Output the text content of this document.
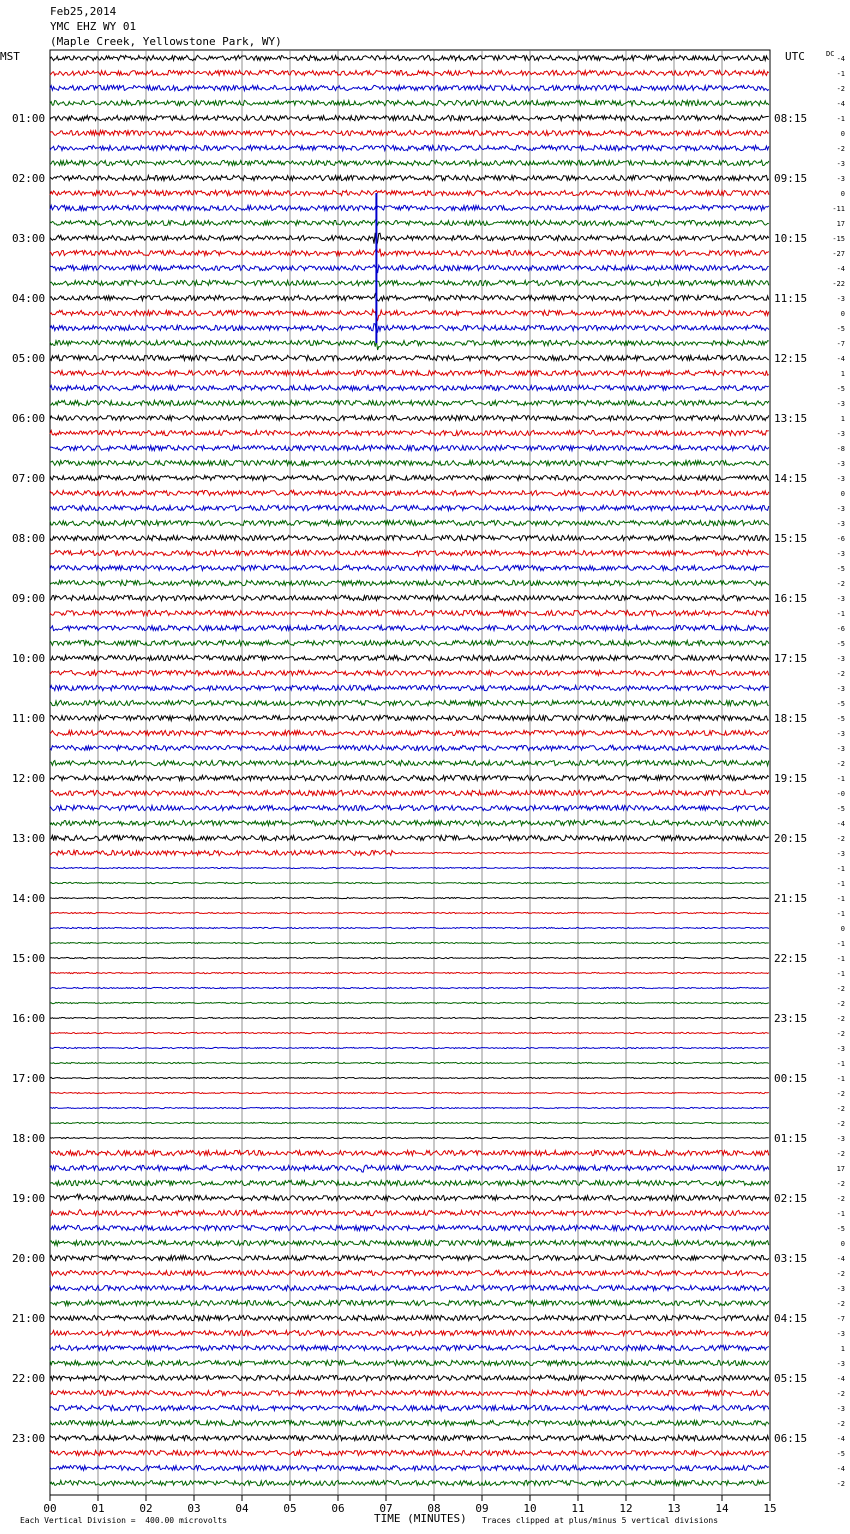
Feb25,2014
YMC EHZ WY 01
(Maple Creek, Yellowstone Park, WY)
MST	UTC
01:00
02:00
03:00
04:00
05:00
06:00
07:00
08:00
09:00
10:00
11:00
12:00
13:00
14:00
15:00
16:00
17:00
18:00
19:00
20:00
21:00
22:00
23:00
08:15
09:15
10:15
11:15
12:15
13:15
14:15
15:15
16:15
17:15
18:15
19:15
20:15
21:15
22:15
23:15
00:15
01:15
02:15
03:15
04:15
05:15
06:15
DC
-4
-1
-2
-4
-1
0
-2
-3
-3
0
-11
17
-15
-27
-4
-22
-3
0
-5
-7
-4
1
-5
-3
1
-3
-8
-3
-3
0
-3
-3
-6
-3
-5
-2
-3
-1
-6
-5
-3
-2
-3
-5
-5
-3
-3
-2
-1
-0
-5
-4
-2
-3
-1
-1
-1
-1
0
-1
-1
-1
-2
-2
-2
-2
-3
-1
-1
-2
-2
-2
-3
-2
17
-2
-2
-1
-5
0
-4
-2
-3
-2
-7
-3
1
-3
-4
-2
-3
-2
-4
-5
-4
-2
00	01	02	03	04	05	06	07	08	09	10	11	12	13	14	15
Each Vertical Division =  400.00 microvolts	TIME (MINUTES) Traces clipped at plus/minus 5 vertical divisions
